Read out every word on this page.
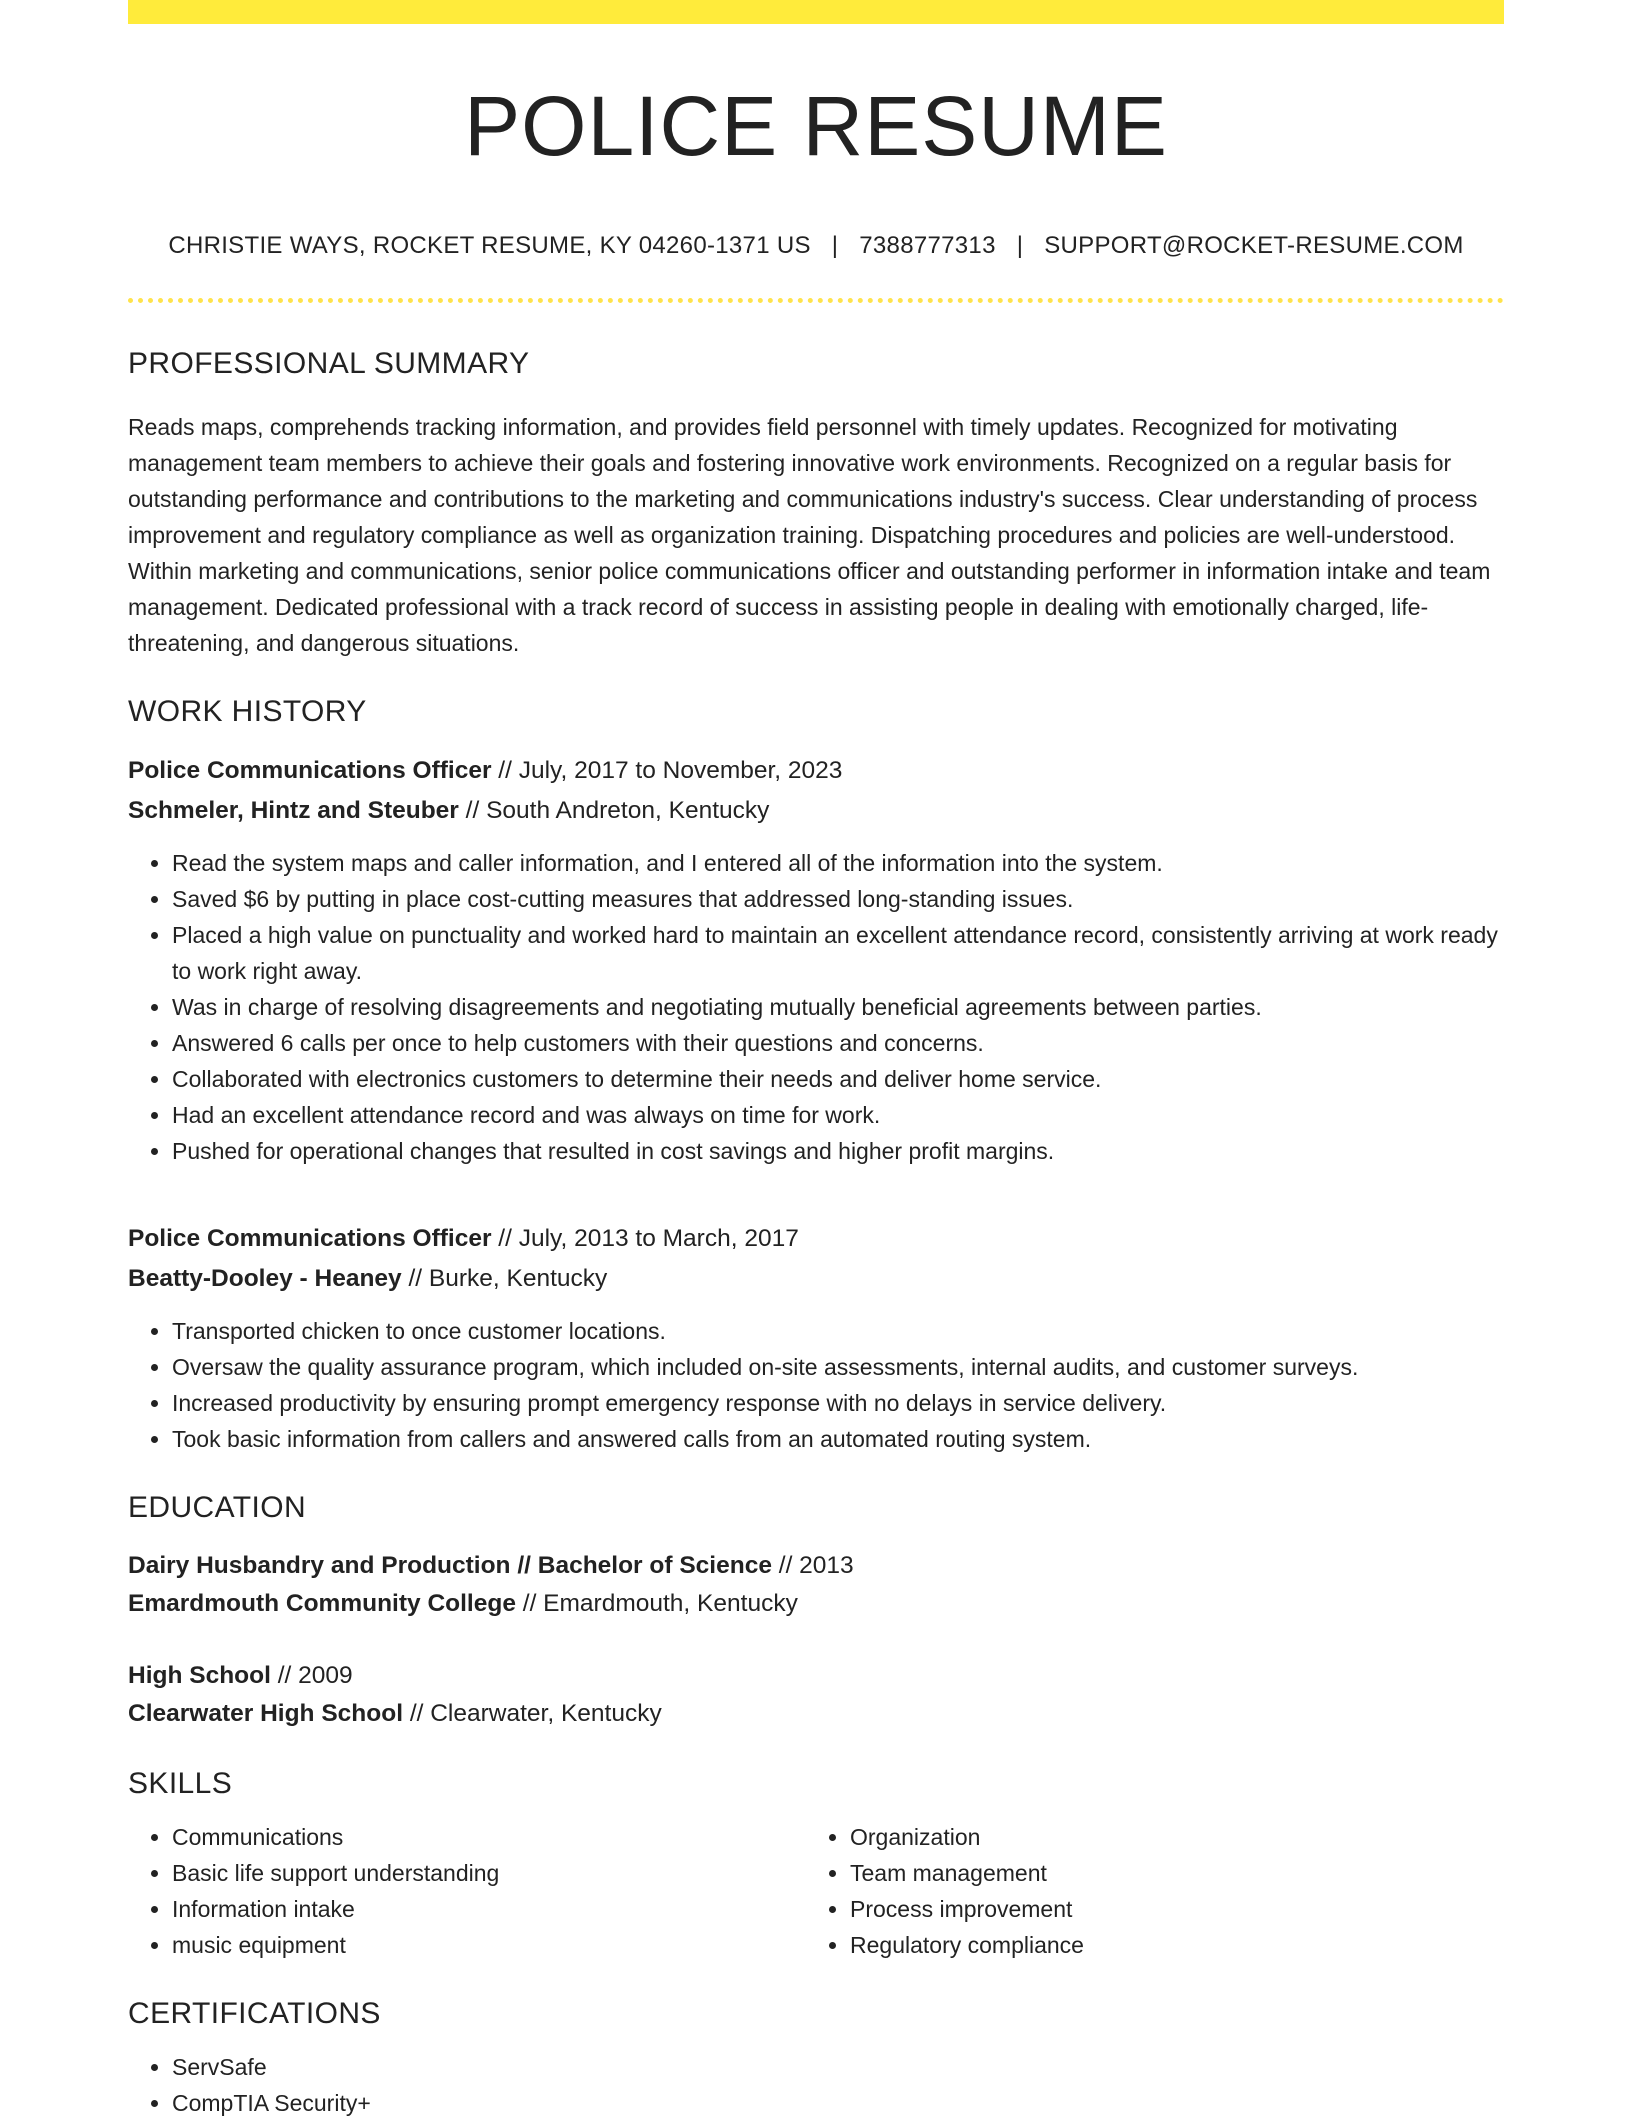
POLICE RESUME
CHRISTIE WAYS, ROCKET RESUME, KY 04260-1371 US | 7388777313 | SUPPORT@ROCKET-RESUME.COM
PROFESSIONAL SUMMARY
Reads maps, comprehends tracking information, and provides field personnel with timely updates. Recognized for motivating management team members to achieve their goals and fostering innovative work environments. Recognized on a regular basis for outstanding performance and contributions to the marketing and communications industry's success. Clear understanding of process improvement and regulatory compliance as well as organization training. Dispatching procedures and policies are well-understood. Within marketing and communications, senior police communications officer and outstanding performer in information intake and team management. Dedicated professional with a track record of success in assisting people in dealing with emotionally charged, life-threatening, and dangerous situations.
WORK HISTORY
Police Communications Officer // July, 2017 to November, 2023
Schmeler, Hintz and Steuber // South Andreton, Kentucky
• Read the system maps and caller information, and I entered all of the information into the system.
• Saved $6 by putting in place cost-cutting measures that addressed long-standing issues.
• Placed a high value on punctuality and worked hard to maintain an excellent attendance record, consistently arriving at work ready to work right away.
• Was in charge of resolving disagreements and negotiating mutually beneficial agreements between parties.
• Answered 6 calls per once to help customers with their questions and concerns.
• Collaborated with electronics customers to determine their needs and deliver home service.
• Had an excellent attendance record and was always on time for work.
• Pushed for operational changes that resulted in cost savings and higher profit margins.
Police Communications Officer // July, 2013 to March, 2017
Beatty-Dooley - Heaney // Burke, Kentucky
• Transported chicken to once customer locations.
• Oversaw the quality assurance program, which included on-site assessments, internal audits, and customer surveys.
• Increased productivity by ensuring prompt emergency response with no delays in service delivery.
• Took basic information from callers and answered calls from an automated routing system.
EDUCATION
Dairy Husbandry and Production // Bachelor of Science // 2013
Emardmouth Community College // Emardmouth, Kentucky
High School // 2009
Clearwater High School // Clearwater, Kentucky
SKILLS
• Communications
• Basic life support understanding
• Information intake
• music equipment
• Organization
• Team management
• Process improvement
• Regulatory compliance
CERTIFICATIONS
• ServSafe
• CompTIA Security+
